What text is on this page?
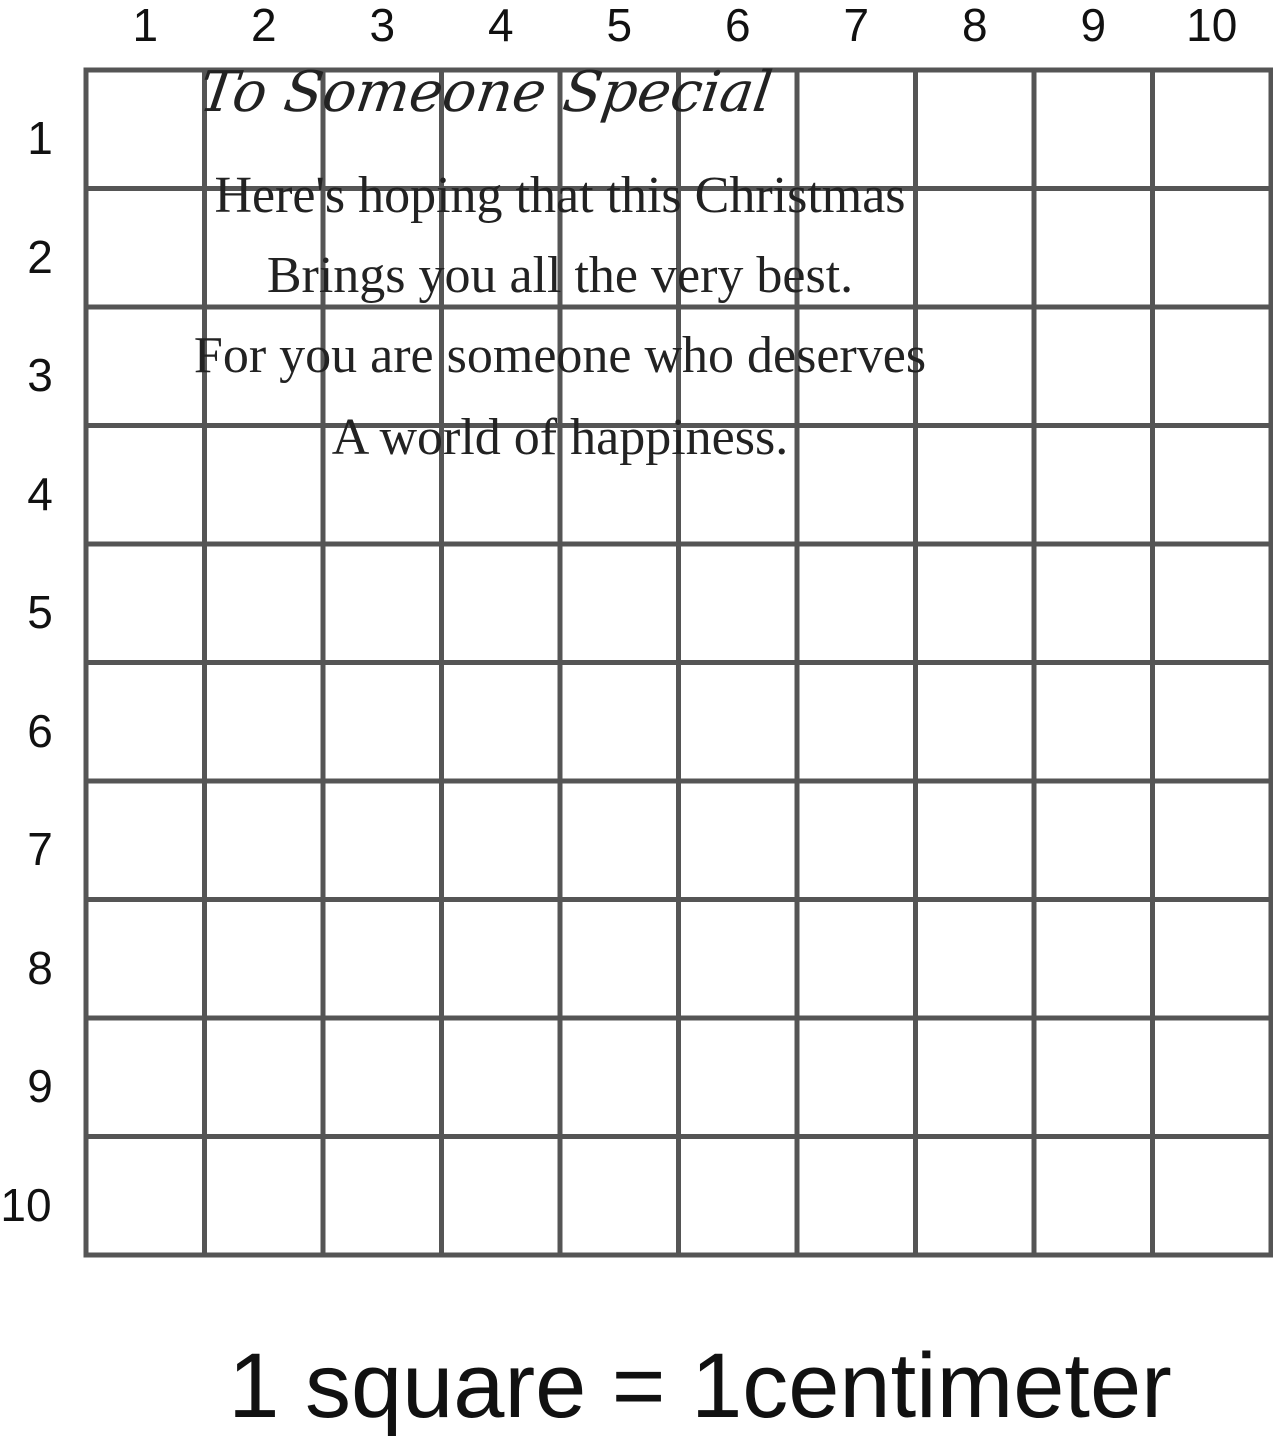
1	2	3	4	5	6	7	8	9	10
1
2
3
4
5
6
7
8
9
10
To Someone Special
Here's hoping that this Christmas
Brings you all the very best.
For you are someone who deserves
A world of happiness.
1 square = 1centimeter
